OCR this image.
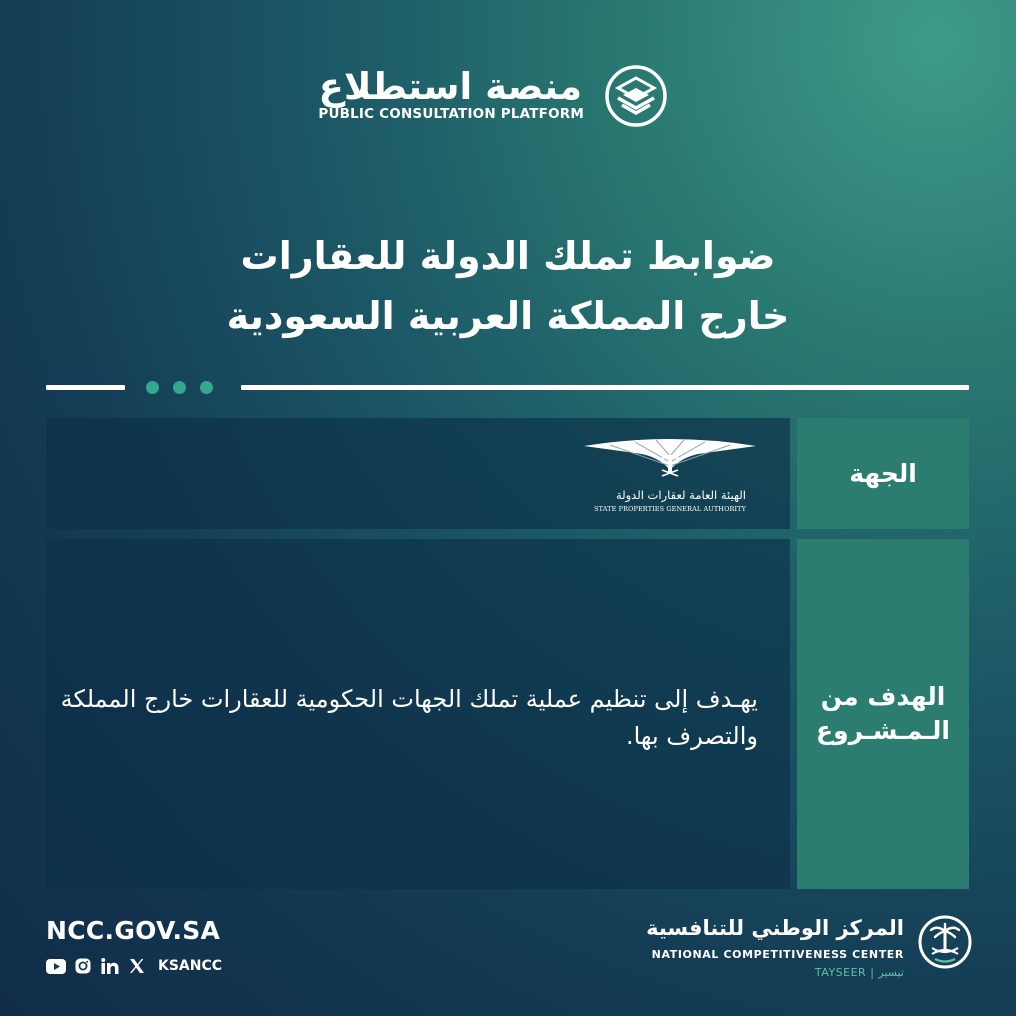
منصة استطلاع
PUBLIC CONSULTATION PLATFORM
ضوابط تملك الدولة للعقارات
خارج المملكة العربية السعودية
الجهة
الهيئة العامة لعقارات الدولة
STATE PROPERTIES GENERAL AUTHORITY
الهدف من الـمـشـروع
يهـدف إلى تنظيم عملية تملك الجهات الحكومية للعقارات خارج المملكة والتصرف بها.
NCC.GOV.SA
KSANCC
المركز الوطني للتنافسية
NATIONAL COMPETITIVENESS CENTER
TAYSEER | تيسير
